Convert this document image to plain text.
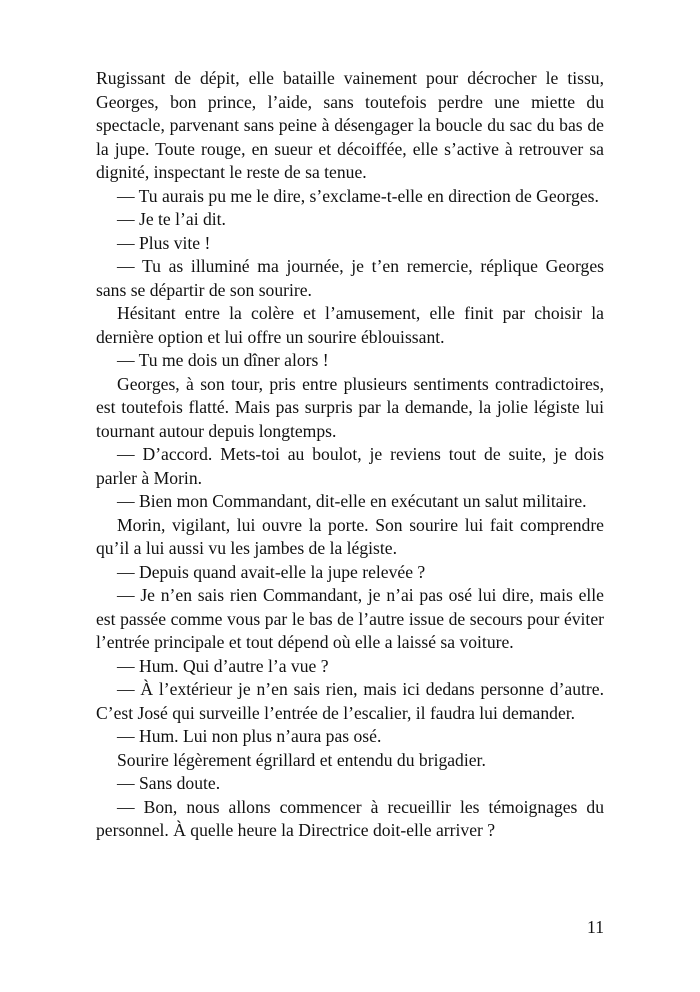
Rugissant de dépit, elle bataille vainement pour décrocher le tissu, Georges, bon prince, l’aide, sans toutefois perdre une miette du spectacle, parvenant sans peine à désengager la boucle du sac du bas de la jupe. Toute rouge, en sueur et décoiffée, elle s’active à retrouver sa dignité, inspectant le reste de sa tenue.

— Tu aurais pu me le dire, s’exclame-t-elle en direction de Georges.

— Je te l’ai dit.

— Plus vite !

— Tu as illuminé ma journée, je t’en remercie, réplique Georges sans se départir de son sourire.

Hésitant entre la colère et l’amusement, elle finit par choisir la dernière option et lui offre un sourire éblouissant.

— Tu me dois un dîner alors !

Georges, à son tour, pris entre plusieurs sentiments contradictoires, est toutefois flatté. Mais pas surpris par la demande, la jolie légiste lui tournant autour depuis longtemps.

— D’accord. Mets-toi au boulot, je reviens tout de suite, je dois parler à Morin.

— Bien mon Commandant, dit-elle en exécutant un salut militaire.

Morin, vigilant, lui ouvre la porte. Son sourire lui fait comprendre qu’il a lui aussi vu les jambes de la légiste.

— Depuis quand avait-elle la jupe relevée ?

— Je n’en sais rien Commandant, je n’ai pas osé lui dire, mais elle est passée comme vous par le bas de l’autre issue de secours pour éviter l’entrée principale et tout dépend où elle a laissé sa voiture.

— Hum. Qui d’autre l’a vue ?

— À l’extérieur je n’en sais rien, mais ici dedans personne d’autre. C’est José qui surveille l’entrée de l’escalier, il faudra lui demander.

— Hum. Lui non plus n’aura pas osé.

Sourire légèrement égrillard et entendu du brigadier.

— Sans doute.

— Bon, nous allons commencer à recueillir les témoignages du personnel. À quelle heure la Directrice doit-elle arriver ?

11
